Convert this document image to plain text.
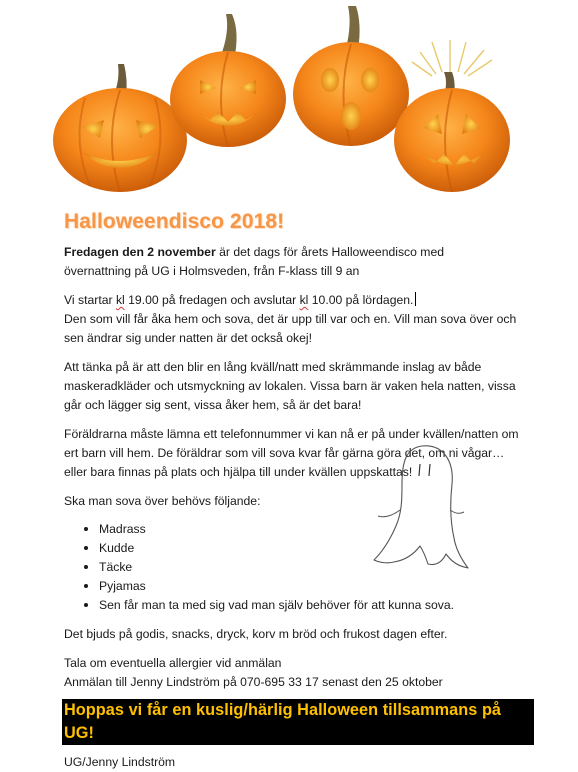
Halloweendisco 2018!

Fredagen den 2 november är det dags för årets Halloweendisco med
övernattning på UG i Holmsveden, från F-klass till 9 an

Vi startar kl 19.00 på fredagen och avslutar kl 10.00 på lördagen.
Den som vill får åka hem och sova, det är upp till var och en. Vill man sova över och
sen ändrar sig under natten är det också okej!

Att tänka på är att den blir en lång kväll/natt med skrämmande inslag av både
maskeradkläder och utsmyckning av lokalen. Vissa barn är vaken hela natten, vissa
går och lägger sig sent, vissa åker hem, så är det bara!

Föräldrarna måste lämna ett telefonnummer vi kan nå er på under kvällen/natten om
ert barn vill hem. De föräldrar som vill sova kvar får gärna göra det, om ni vågar…
eller bara finnas på plats och hjälpa till under kvällen uppskattas!

Ska man sova över behövs följande:

Madrass
Kudde
Täcke
Pyjamas
Sen får man ta med sig vad man själv behöver för att kunna sova.

Det bjuds på godis, snacks, dryck, korv m bröd och frukost dagen efter.

Tala om eventuella allergier vid anmälan
Anmälan till Jenny Lindström på 070-695 33 17 senast den 25 oktober

Hoppas vi får en kuslig/härlig Halloween tillsammans på UG!

UG/Jenny Lindström
